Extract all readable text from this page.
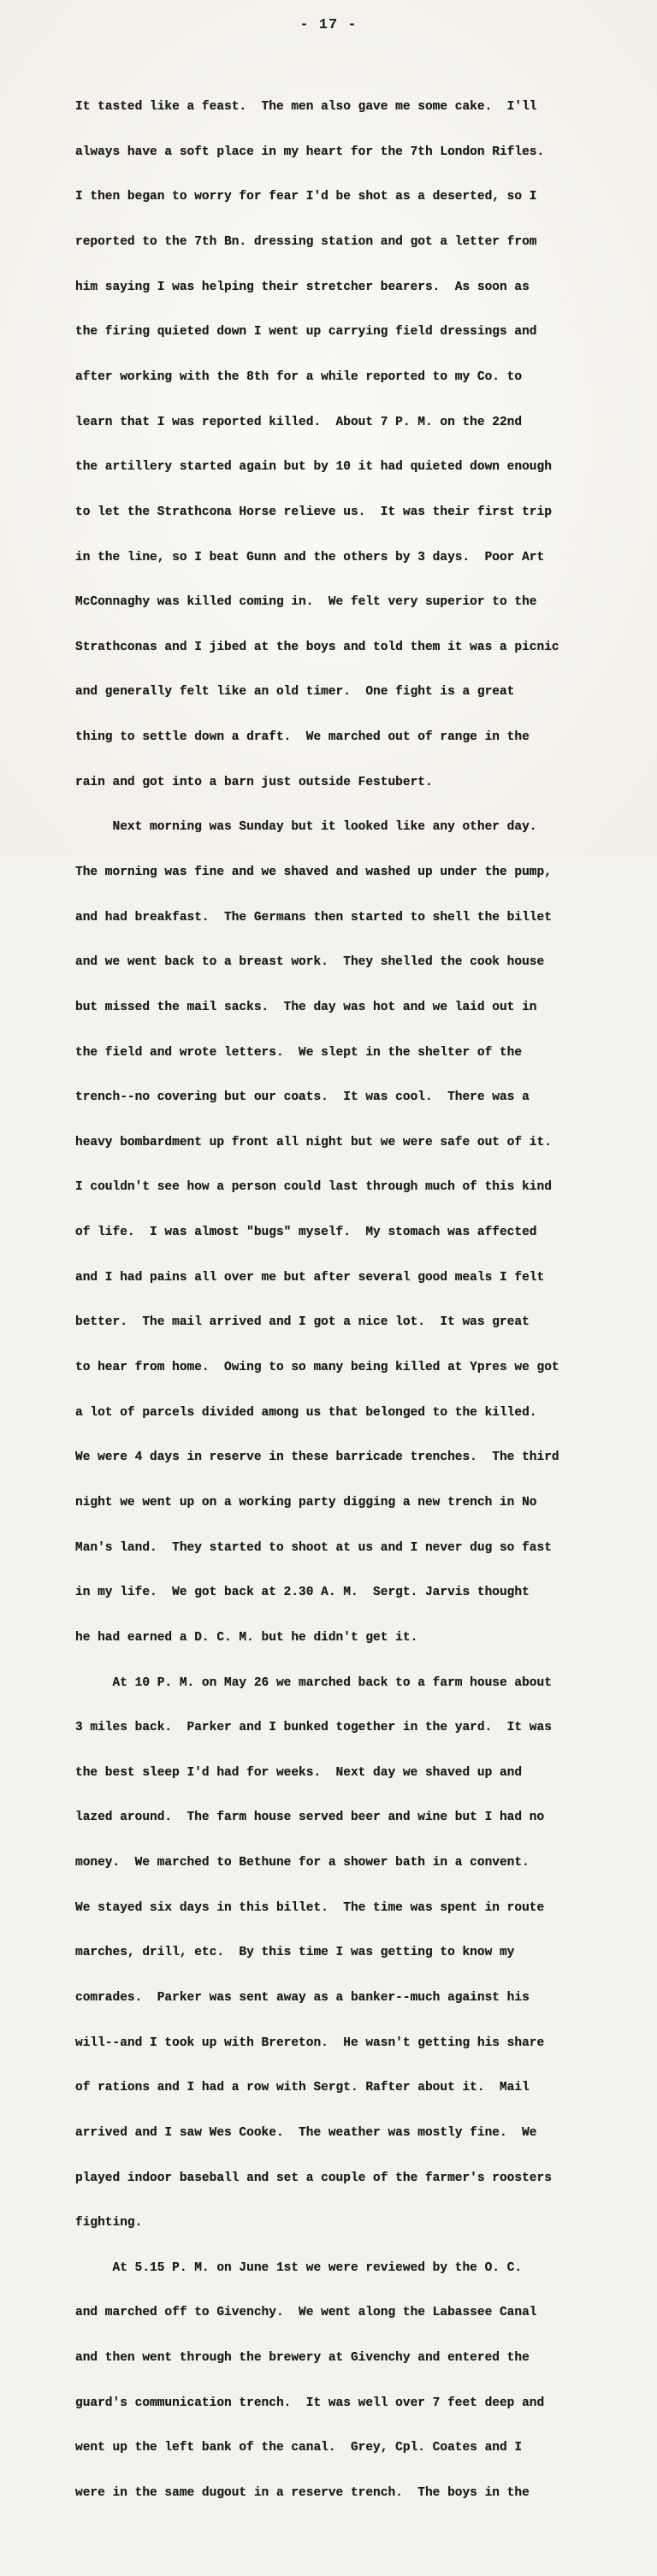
- 17 -

It tasted like a feast.  The men also gave me some cake.  I'll

always have a soft place in my heart for the 7th London Rifles.

I then began to worry for fear I'd be shot as a deserted, so I

reported to the 7th Bn. dressing station and got a letter from

him saying I was helping their stretcher bearers.  As soon as

the firing quieted down I went up carrying field dressings and

after working with the 8th for a while reported to my Co. to

learn that I was reported killed.  About 7 P. M. on the 22nd

the artillery started again but by 10 it had quieted down enough

to let the Strathcona Horse relieve us.  It was their first trip

in the line, so I beat Gunn and the others by 3 days.  Poor Art

McConnaghy was killed coming in.  We felt very superior to the

Strathconas and I jibed at the boys and told them it was a picnic

and generally felt like an old timer.  One fight is a great

thing to settle down a draft.  We marched out of range in the

rain and got into a barn just outside Festubert.

Next morning was Sunday but it looked like any other day.

The morning was fine and we shaved and washed up under the pump,

and had breakfast.  The Germans then started to shell the billet

and we went back to a breast work.  They shelled the cook house

but missed the mail sacks.  The day was hot and we laid out in

the field and wrote letters.  We slept in the shelter of the

trench--no covering but our coats.  It was cool.  There was a

heavy bombardment up front all night but we were safe out of it.

I couldn't see how a person could last through much of this kind

of life.  I was almost "bugs" myself.  My stomach was affected

and I had pains all over me but after several good meals I felt

better.  The mail arrived and I got a nice lot.  It was great

to hear from home.  Owing to so many being killed at Ypres we got

a lot of parcels divided among us that belonged to the killed.

We were 4 days in reserve in these barricade trenches.  The third

night we went up on a working party digging a new trench in No

Man's land.  They started to shoot at us and I never dug so fast

in my life.  We got back at 2.30 A. M.  Sergt. Jarvis thought

he had earned a D. C. M. but he didn't get it.

At 10 P. M. on May 26 we marched back to a farm house about

3 miles back.  Parker and I bunked together in the yard.  It was

the best sleep I'd had for weeks.  Next day we shaved up and

lazed around.  The farm house served beer and wine but I had no

money.  We marched to Bethune for a shower bath in a convent.

We stayed six days in this billet.  The time was spent in route

marches, drill, etc.  By this time I was getting to know my

comrades.  Parker was sent away as a banker--much against his

will--and I took up with Brereton.  He wasn't getting his share

of rations and I had a row with Sergt. Rafter about it.  Mail

arrived and I saw Wes Cooke.  The weather was mostly fine.  We

played indoor baseball and set a couple of the farmer's roosters

fighting.

At 5.15 P. M. on June 1st we were reviewed by the O. C.

and marched off to Givenchy.  We went along the Labassee Canal

and then went through the brewery at Givenchy and entered the

guard's communication trench.  It was well over 7 feet deep and

went up the left bank of the canal.  Grey, Cpl. Coates and I

were in the same dugout in a reserve trench.  The boys in the
